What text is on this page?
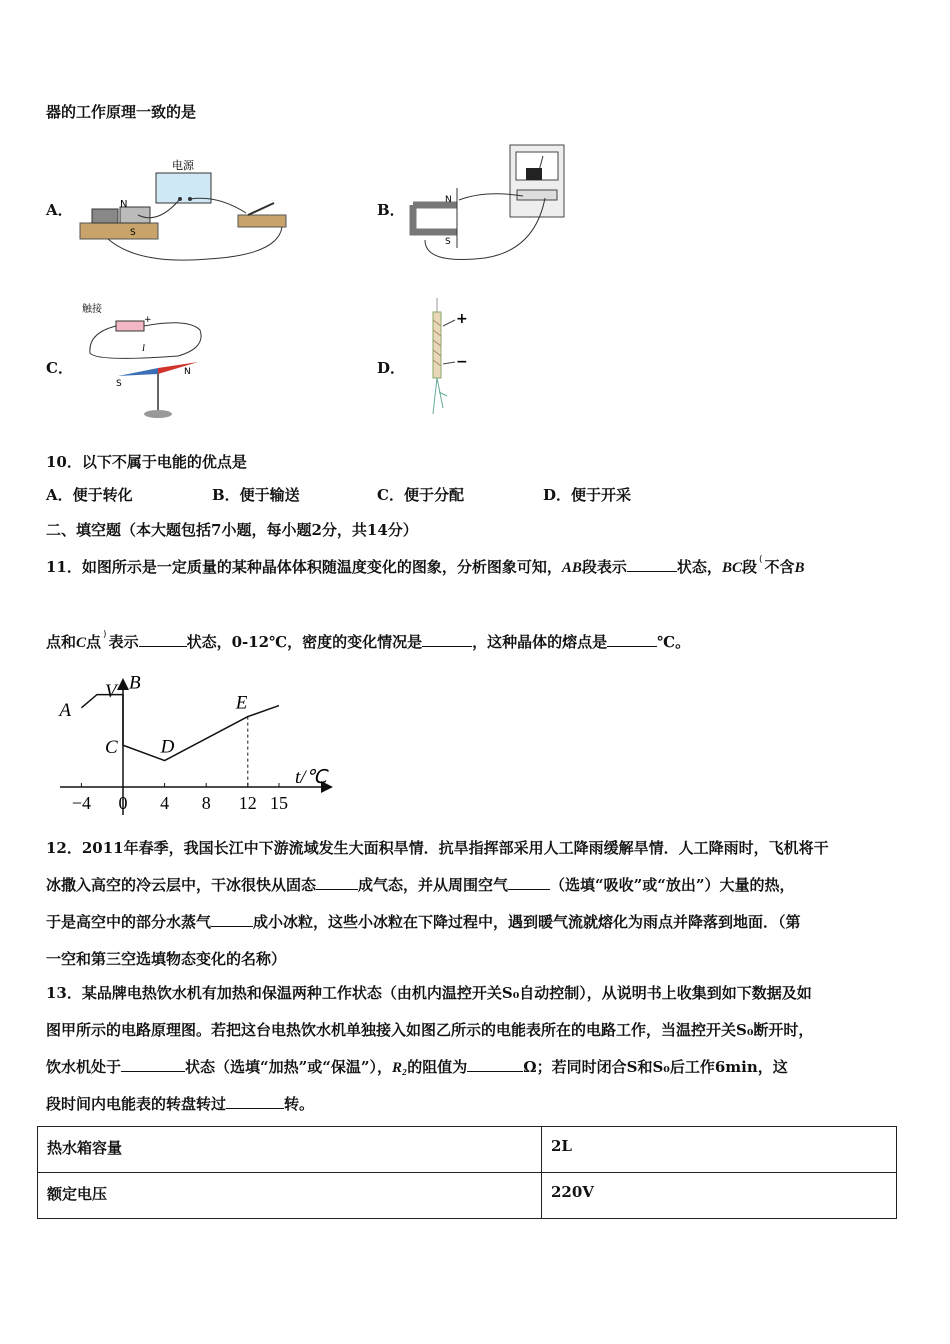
器的工作原理一致的是
A．	N
S
电源
B．
N
S
C．
触接
+
I
S
N	D．
+
−
10．以下不属于电能的优点是
A．便于转化	B．便于输送	C．便于分配	D．便于开采
二、填空题（本大题包括7小题，每小题2分，共14分）
11．如图所示是一定质量的某种晶体体积随温度变化的图象，分析图象可知，AB段表示	状态，BC段 ( 不含B
点和C点 ) 表示	状态，0-12℃，密度的变化情况是	，这种晶体的熔点是	℃。
V
t/℃
−4 0 4 8 12 15
A
B
C D
E
12．2011年春季，我国长江中下游流域发生大面积旱情．抗旱指挥部采用人工降雨缓解旱情．人工降雨时，飞机将干
冰撒入高空的冷云层中，干冰很快从固态	成气态，并从周围空气	（选填“吸收”或“放出”）大量的热，
于是高空中的部分水蒸气	成小冰粒，这些小冰粒在下降过程中，遇到暖气流就熔化为雨点并降落到地面．（第
一空和第三空选填物态变化的名称）
13．某品牌电热饮水机有加热和保温两种工作状态（由机内温控开关S₀自动控制），从说明书上收集到如下数据及如
图甲所示的电路原理图。若把这台电热饮水机单独接入如图乙所示的电能表所在的电路工作，当温控开关S₀断开时，
饮水机处于	状态（选填“加热”或“保温”），R₂的阻值为	Ω；若同时闭合S和S₀后工作6min，这
段时间内电能表的转盘转过	转。
热水箱容量	2L
额定电压	220V
